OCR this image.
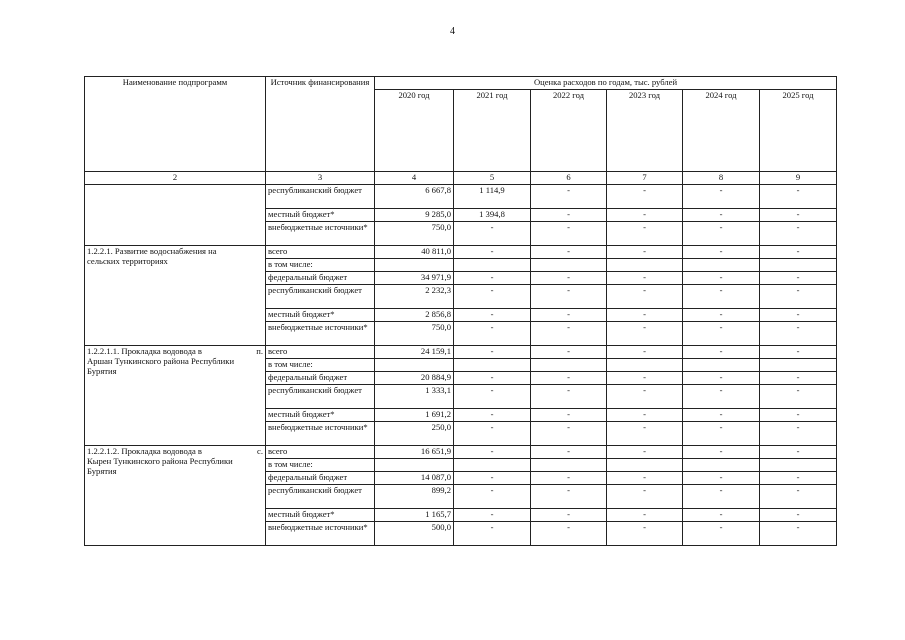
4
Наименование подпрограмм	Источник финансирования	Оценка расходов по годам, тыс. рублей					
		2020 год	2021 год	2022 год	2023 год	2024 год	2025 год
2	3	4	5	6	7	8	9

	республиканский бюджет	6 667,8	1 114,9	-	-	-	-
	местный бюджет*	9 285,0	1 394,8	-	-	-	-
	внебюджетные источники*	750,0	-	-	-	-	-

1.2.2.1. Развитие водоснабжения на
сельских территориях	всего	40 811,0	-	-	-	-	-
	в том числе:						
	федеральный бюджет	34 971,9	-	-	-	-	-
	республиканский бюджет	2 232,3	-	-	-	-	-
	местный бюджет*	2 856,8	-	-	-	-	-
	внебюджетные источники*	750,0	-	-	-	-	-

1.2.2.1.1. Прокладка водовода в п.
Аршан Тункинского района Республики Бурятия	всего	24 159,1	-	-	-	-	-
	в том числе:						
	федеральный бюджет	20 884,9	-	-	-	-	-
	республиканский бюджет	1 333,1	-	-	-	-	-
	местный бюджет*	1 691,2	-	-	-	-	-
	внебюджетные источники*	250,0	-	-	-	-	-

1.2.2.1.2. Прокладка водовода в с.
Кырен Тункинского района Республики Бурятия	всего	16 651,9	-	-	-	-	-
	в том числе:						
	федеральный бюджет	14 087,0	-	-	-	-	-
	республиканский бюджет	899,2	-	-	-	-	-
	местный бюджет*	1 165,7	-	-	-	-	-
	внебюджетные источники*	500,0	-	-	-	-	-
